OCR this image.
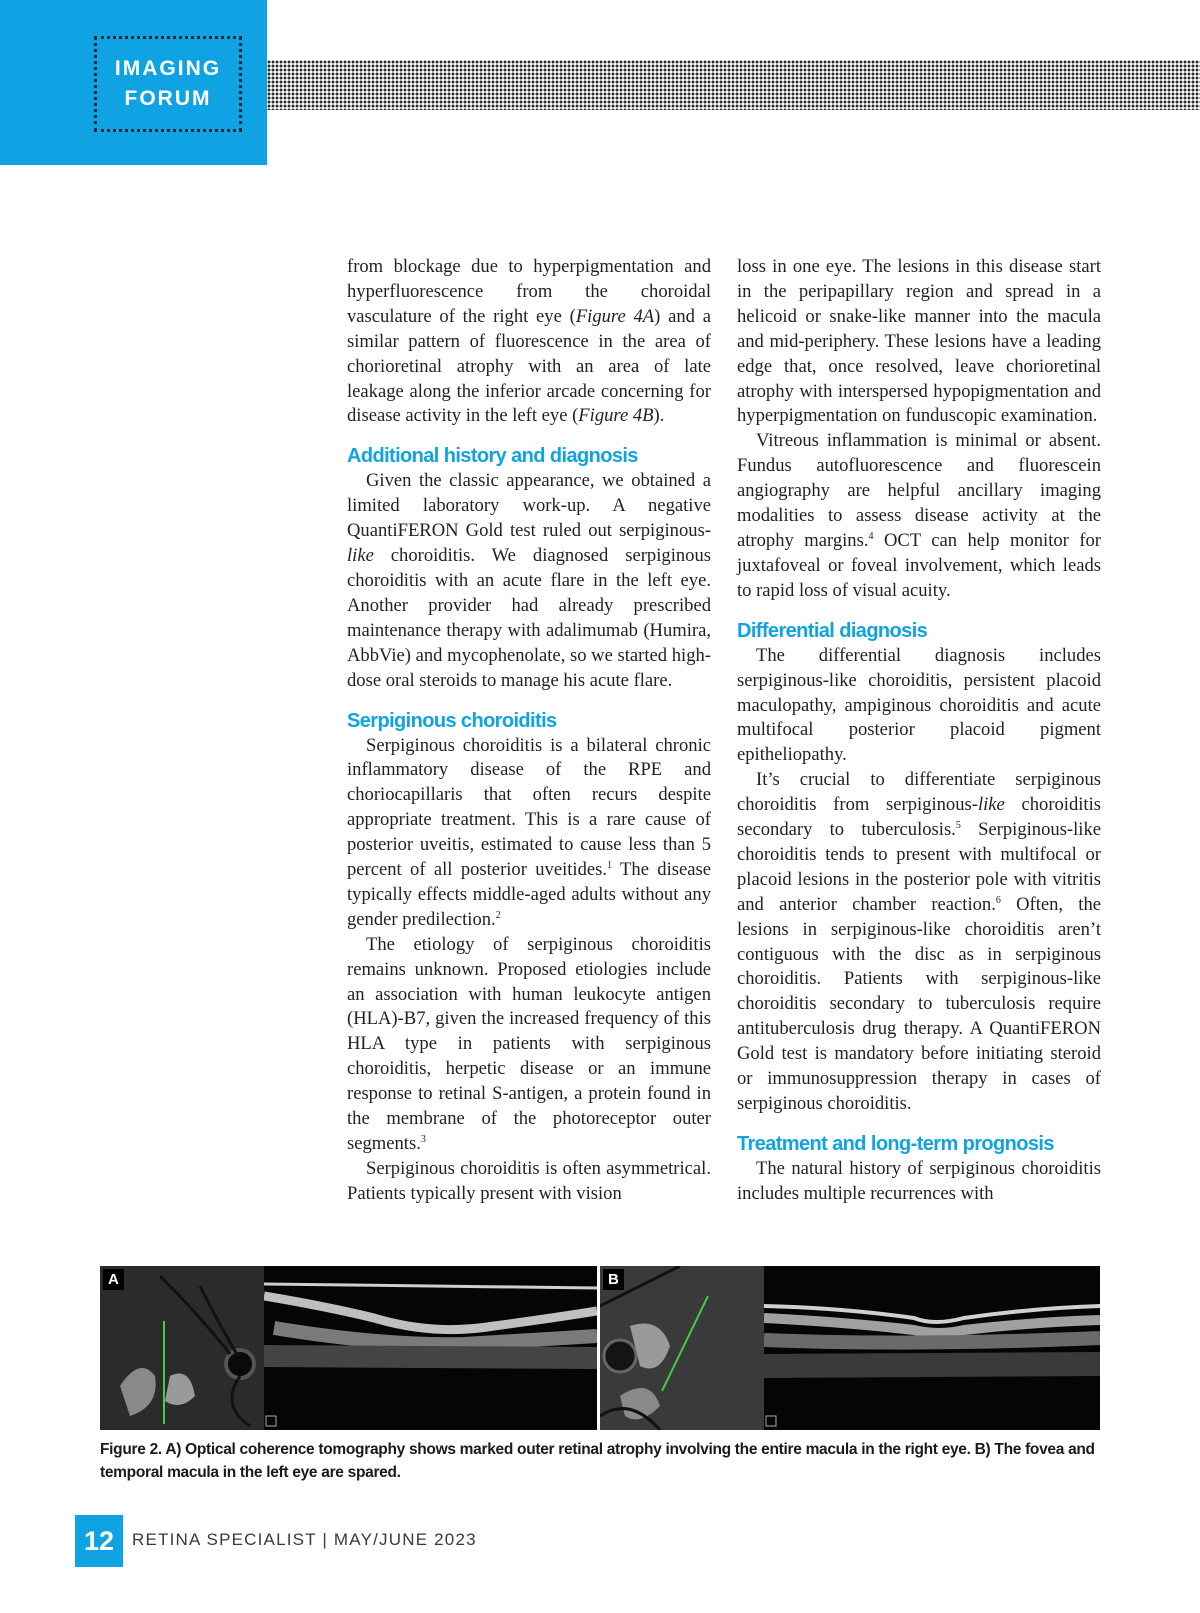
IMAGING
FORUM

from blockage due to hyperpigmentation and hyperfluorescence from the choroidal vasculature of the right eye (Figure 4A) and a similar pattern of fluorescence in the area of chorioretinal atrophy with an area of late leakage along the inferior arcade concerning for disease activity in the left eye (Figure 4B).

Additional history and diagnosis

Given the classic appearance, we obtained a limited laboratory work-up. A negative QuantiFERON Gold test ruled out serpiginous-like choroiditis. We diagnosed serpiginous choroiditis with an acute flare in the left eye. Another provider had already prescribed maintenance therapy with adalimumab (Humira, AbbVie) and mycophenolate, so we started high-dose oral steroids to manage his acute flare.

Serpiginous choroiditis

Serpiginous choroiditis is a bilateral chronic inflammatory disease of the RPE and choriocapillaris that often recurs despite appropriate treatment. This is a rare cause of posterior uveitis, estimated to cause less than 5 percent of all posterior uveitides.$^1$ The disease typically effects middle-aged adults without any gender predilection.$^2$

The etiology of serpiginous choroiditis remains unknown. Proposed etiologies include an association with human leukocyte antigen (HLA)-B7, given the increased frequency of this HLA type in patients with serpiginous choroiditis, herpetic disease or an immune response to retinal S-antigen, a protein found in the membrane of the photoreceptor outer segments.$^3$

Serpiginous choroiditis is often asymmetrical. Patients typically present with vision

loss in one eye. The lesions in this disease start in the peripapillary region and spread in a helicoid or snake-like manner into the macula and mid-periphery. These lesions have a leading edge that, once resolved, leave chorioretinal atrophy with interspersed hypopigmentation and hyperpigmentation on funduscopic examination.

Vitreous inflammation is minimal or absent. Fundus autofluorescence and fluorescein angiography are helpful ancillary imaging modalities to assess disease activity at the atrophy margins.$^4$ OCT can help monitor for juxtafoveal or foveal involvement, which leads to rapid loss of visual acuity.

Differential diagnosis

The differential diagnosis includes serpiginous-like choroiditis, persistent placoid maculopathy, ampiginous choroiditis and acute multifocal posterior placoid pigment epitheliopathy.

It’s crucial to differentiate serpiginous choroiditis from serpiginous-like choroiditis secondary to tuberculosis.$^5$ Serpiginous-like choroiditis tends to present with multifocal or placoid lesions in the posterior pole with vitritis and anterior chamber reaction.$^6$ Often, the lesions in serpiginous-like choroiditis aren’t contiguous with the disc as in serpiginous choroiditis. Patients with serpiginous-like choroiditis secondary to tuberculosis require antituberculosis drug therapy. A QuantiFERON Gold test is mandatory before initiating steroid or immunosuppression therapy in cases of serpiginous choroiditis.

Treatment and long-term prognosis

The natural history of serpiginous choroiditis includes multiple recurrences with

A	B
Figure 2. A) Optical coherence tomography shows marked outer retinal atrophy involving the entire macula in the right eye. B) The fovea and temporal macula in the left eye are spared.
12	RETINA SPECIALIST | MAY/JUNE 2023
